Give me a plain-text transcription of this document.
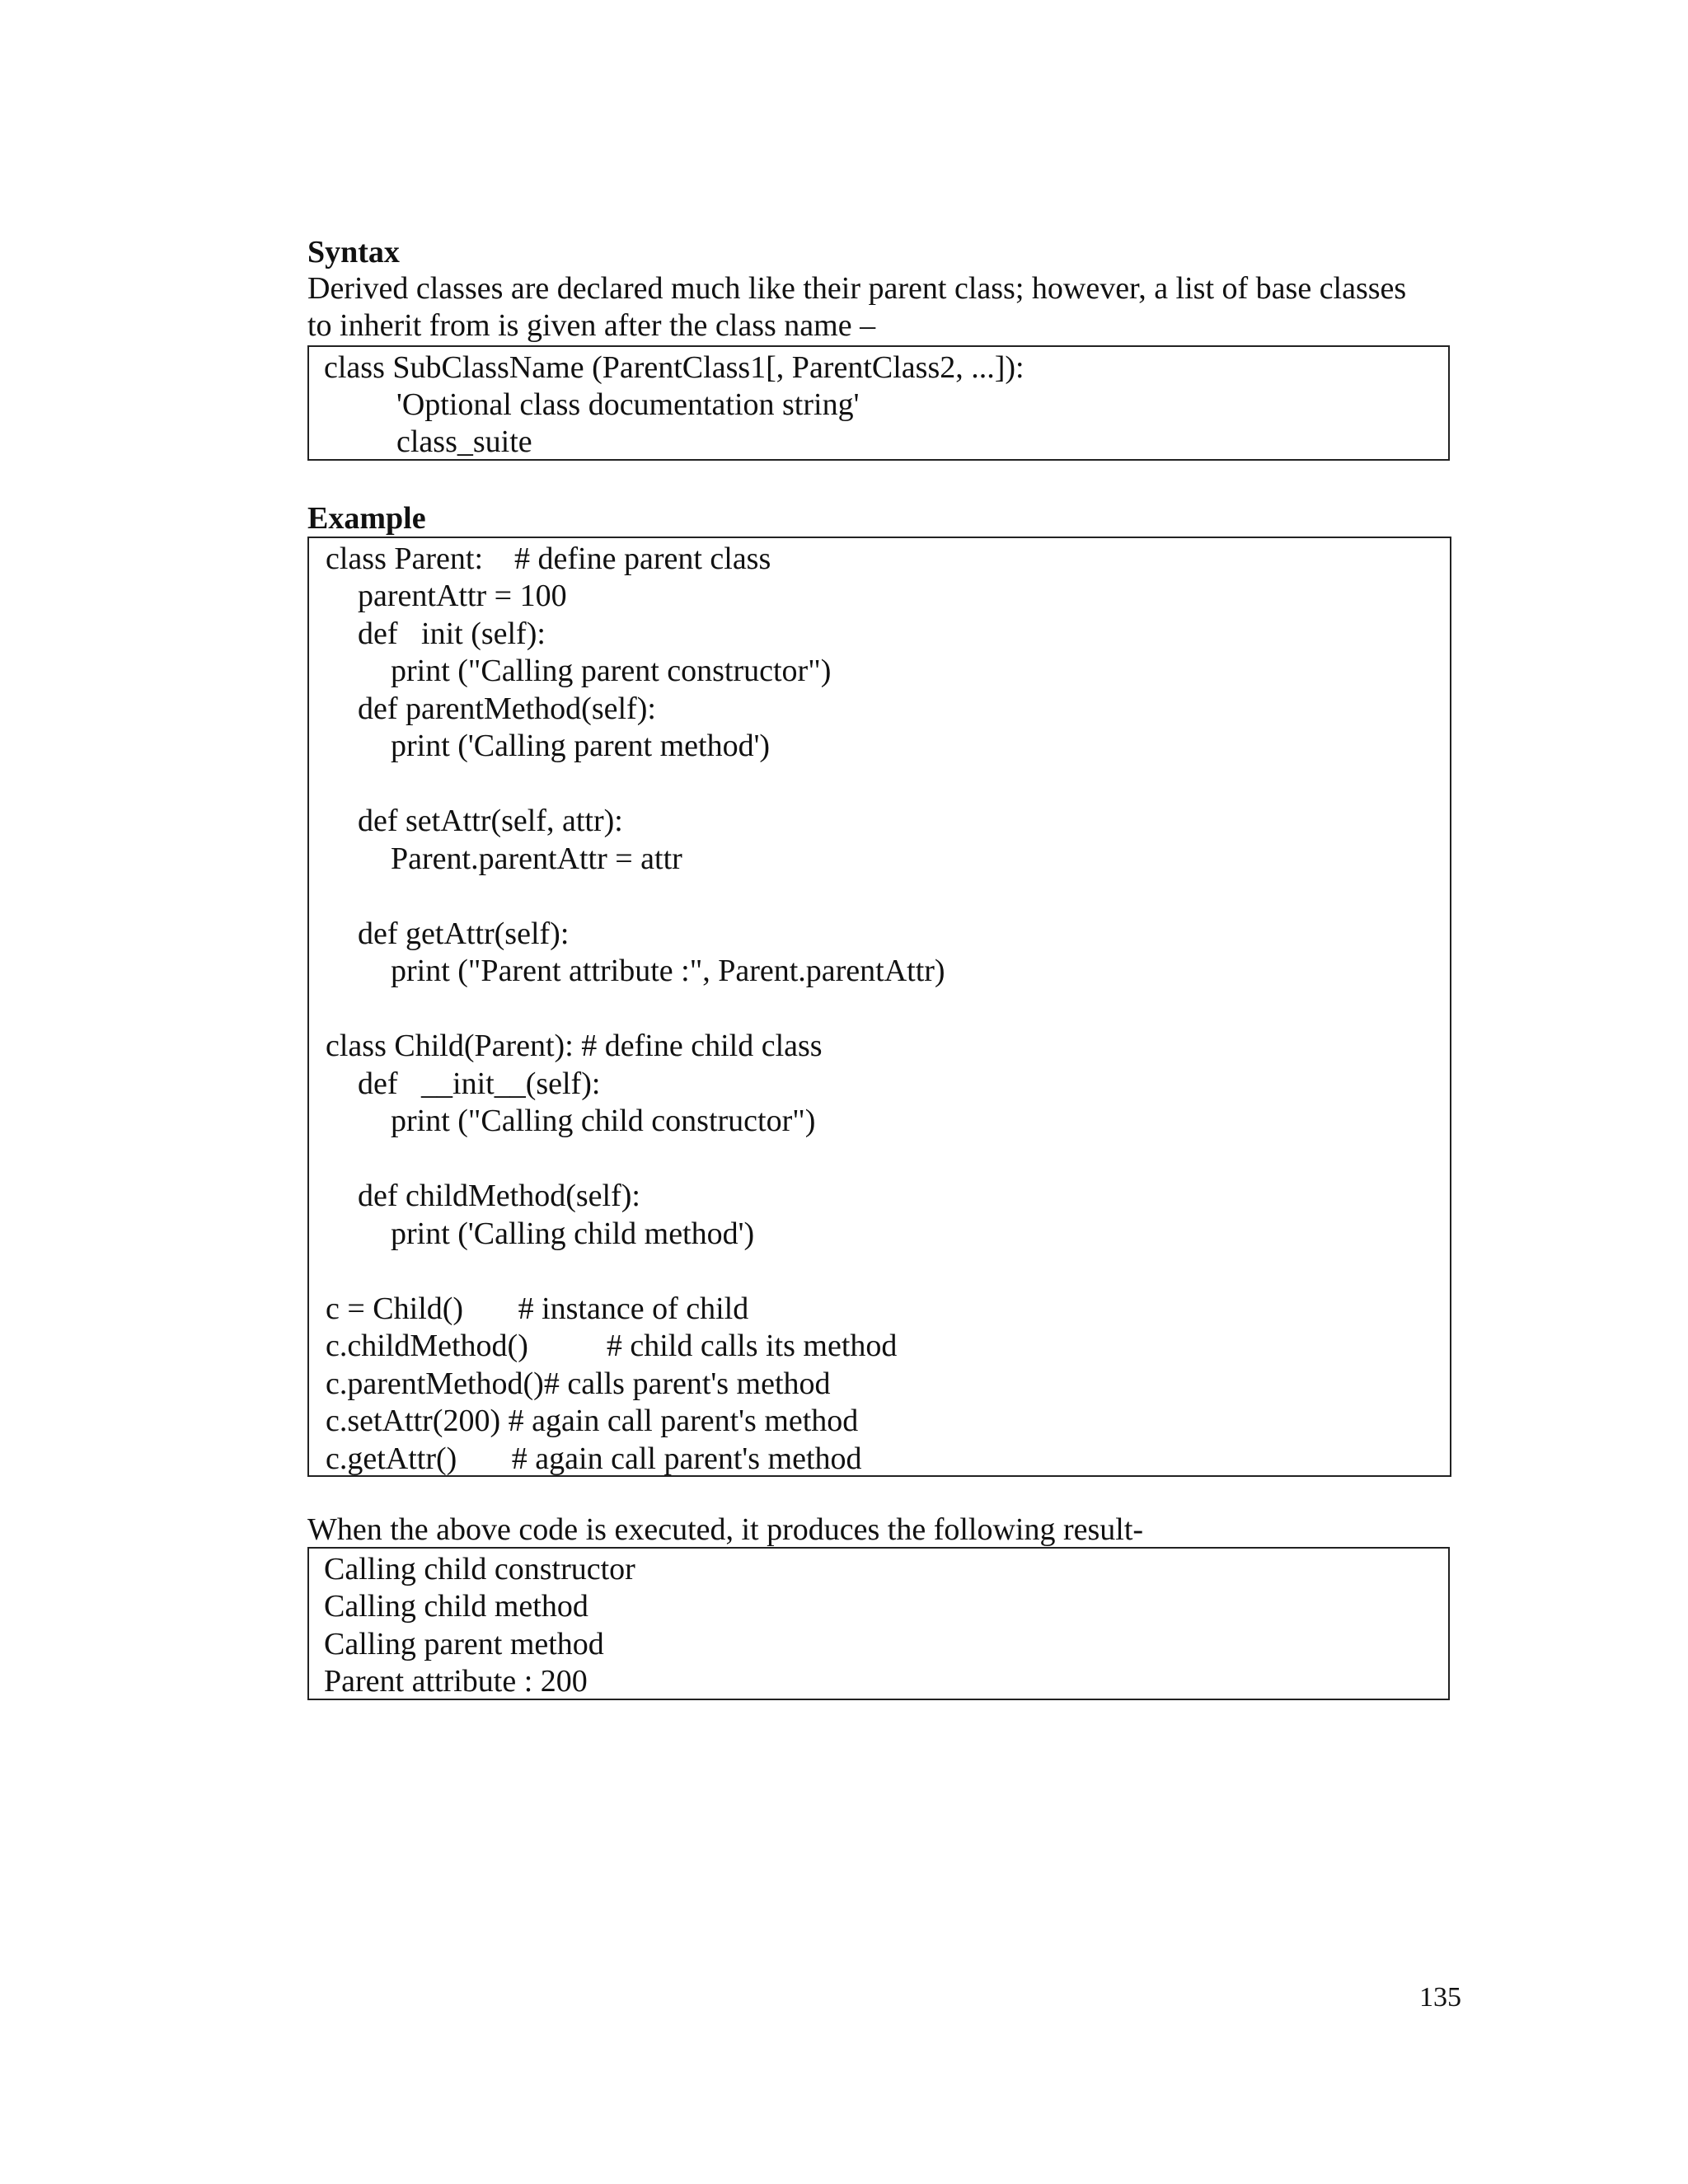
Syntax
Derived classes are declared much like their parent class; however, a list of base classes
to inherit from is given after the class name –
class SubClassName (ParentClass1[, ParentClass2, ...]):
'Optional class documentation string'
class_suite
Example
class Parent:    # define parent class
parentAttr = 100
def   init (self):
print ("Calling parent constructor")
def parentMethod(self):
print ('Calling parent method')
def setAttr(self, attr):
Parent.parentAttr = attr
def getAttr(self):
print ("Parent attribute :", Parent.parentAttr)
class Child(Parent): # define child class
def   __init__(self):
print ("Calling child constructor")
def childMethod(self):
print ('Calling child method')
c = Child()       # instance of child
c.childMethod()          # child calls its method
c.parentMethod()# calls parent's method
c.setAttr(200) # again call parent's method
c.getAttr()       # again call parent's method
When the above code is executed, it produces the following result-
Calling child constructor
Calling child method
Calling parent method
Parent attribute : 200
135
